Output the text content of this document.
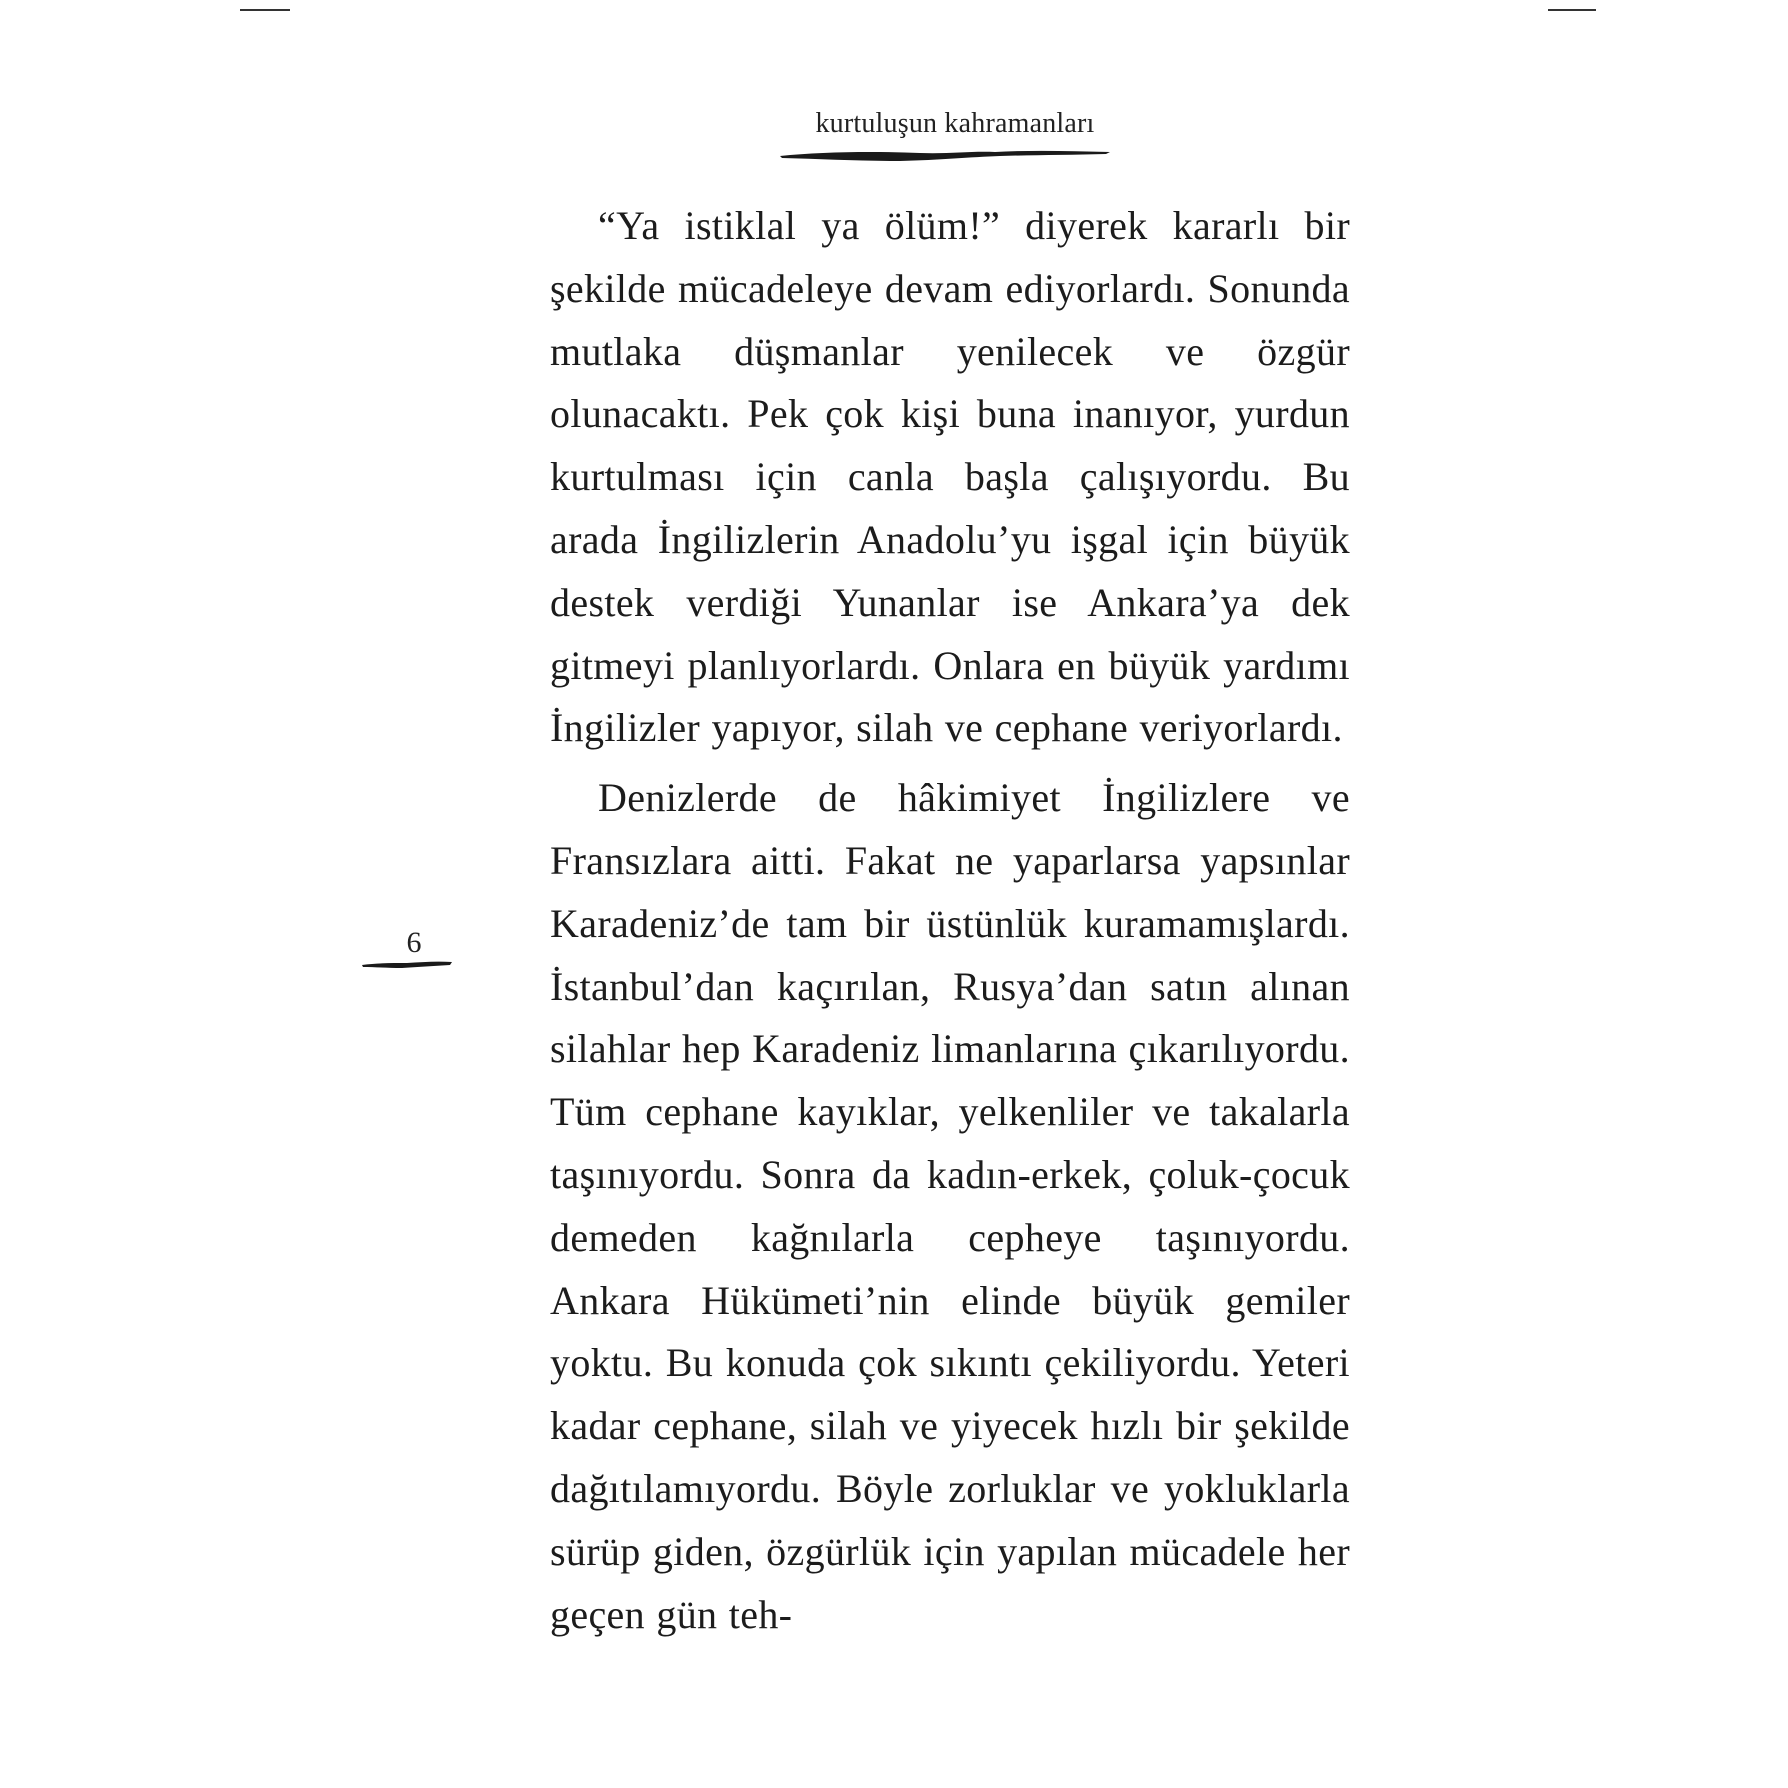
kurtuluşun kahramanları

“Ya istiklal ya ölüm!” diyerek kararlı bir şekilde mücadeleye devam ediyorlardı. Sonunda mutlaka düşmanlar yenilecek ve özgür olunacaktı. Pek çok kişi buna inanıyor, yurdun kurtulması için canla başla çalışıyordu. Bu arada İngilizlerin Anadolu’yu işgal için büyük destek verdiği Yunanlar ise Ankara’ya dek gitmeyi planlıyorlardı. Onlara en büyük yardımı İngilizler yapıyor, silah ve cephane veriyorlardı.

Denizlerde de hâkimiyet İngilizlere ve Fransızlara aitti. Fakat ne yaparlarsa yapsınlar Karadeniz’de tam bir üstünlük kuramamışlardı. İstanbul’dan kaçırılan, Rusya’dan satın alınan silahlar hep Karadeniz limanlarına çıkarılıyordu. Tüm cephane kayıklar, yelkenliler ve takalarla taşınıyordu. Sonra da kadın-erkek, çoluk-çocuk demeden kağnılarla cepheye taşınıyordu. Ankara Hükümeti’nin elinde büyük gemiler yoktu. Bu konuda çok sıkıntı çekiliyordu. Yeteri kadar cephane, silah ve yiyecek hızlı bir şekilde dağıtılamıyordu. Böyle zorluklar ve yokluklarla sürüp giden, özgürlük için yapılan mücadele her geçen gün teh-

6
